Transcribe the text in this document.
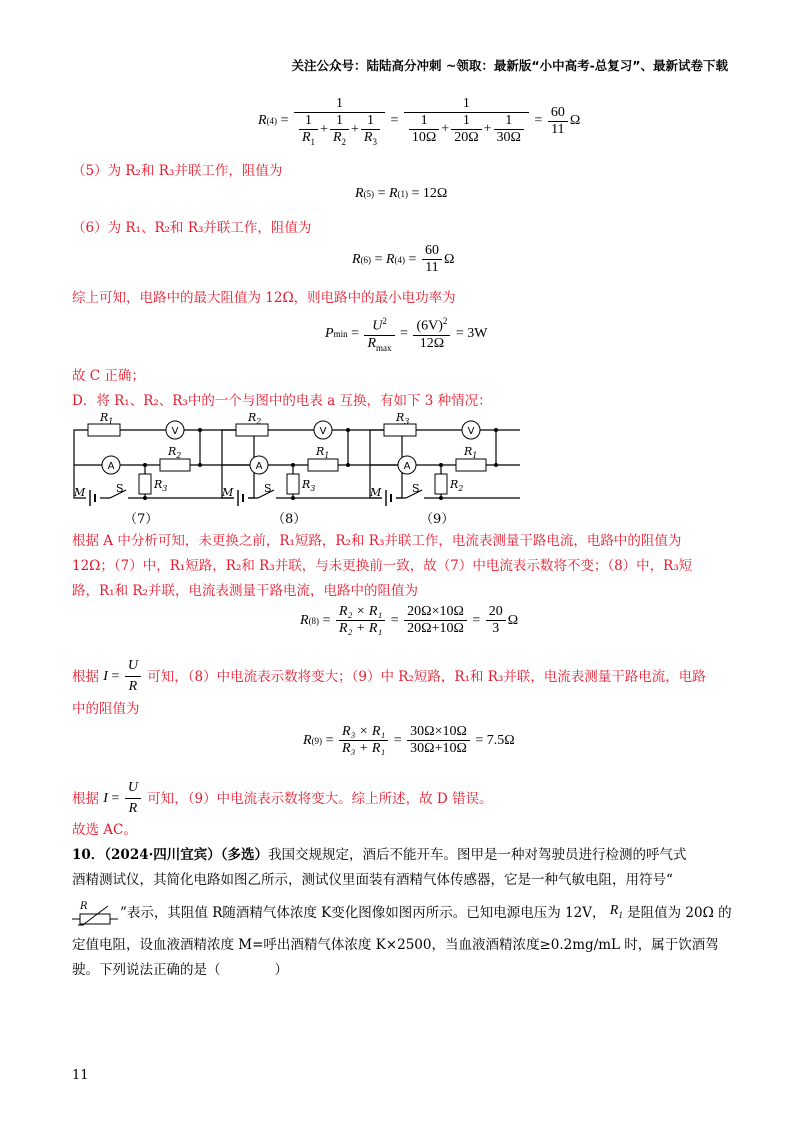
关注公众号：陆陆高分冲刺 ~领取：最新版“小中高考-总复习”、最新试卷下载
R $(4) = \frac{1}{\frac{1}{R_1} + \frac{1}{R_2} + \frac{1}{R_3}} = \frac{1}{\frac{1}{10\Omega} + \frac{1}{20\Omega} + \frac{1}{30\Omega}} = \frac{60}{11}$ Ω
（5）为 R₂和 R₃并联工作，阻值为
R (5) = R (1)
= 12Ω
（6）为 R₁、R₂和 R₃并联工作，阻值为
R (6) = R $(4) = \frac{60}{11}$ Ω
综上可知，电路中的最大阻值为 12Ω，则电路中的最小电功率为
P $\min = \frac{U^2}{R_{max}} = \frac{(6V)^2}{12\Omega}$
= 3W
故 C 正确；
D．将 R₁、R₂、R₃中的一个与图中的电表 a 互换，有如下 3 种情况：
$R_1$
$R_2$
$R_3$
$R_2$
$R_1$
$R_3$
$R_3$
$R_1$
$R_2$
（7）	（8）	（9）
根据 A 中分析可知，未更换之前，R₁短路，R₂和 R₃并联工作，电流表测量干路电流，电路中的阻值为
12Ω；（7）中，R₁短路，R₂和 R₃并联，与未更换前一致，故（7）中电流表示数将不变；（8）中，R₃短
路，R₁和 R₂并联，电流表测量干路电流，电路中的阻值为
R $(8) = \frac{\text{R₂ × R₁}}{\text{R₂ + R₁}} = \frac{20\Omega\times 10\Omega}{20\Omega+10\Omega} = \frac{20}{3}$ Ω
根据
$I = \frac{U}{R}$
可知，（8）中电流表示数将变大；（9）中 R₂短路，R₁和 R₃并联，电流表测量干路电流，电路
中的阻值为
R $(9) = \frac{\text{R₃ × R₁}}{\text{R₃ + R₁}} = \frac{30\Omega\times 10\Omega}{30\Omega+10\Omega}$
= 7.5Ω
根据
$I = \frac{U}{R}$
可知，（9）中电流表示数将变大。综上所述，故 D 错误。
故选 AC。
10．（2024·四川宜宾）（多选）我国交规规定，酒后不能开车。图甲是一种对驾驶员进行检测的呼气式
酒精测试仪，其简化电路如图乙所示，测试仪里面装有酒精气体传感器，它是一种气敏电阻，用符号“
R ”表示，其阻值 R随酒精气体浓度 K变化图像如图丙所示。已知电源电压为 12V，
$R_1$
是阻值为 20Ω 的
定值电阻，设血液酒精浓度 M=呼出酒精气体浓度 K×2500，当血液酒精浓度≥0.2mg/mL 时，属于饮酒驾
驶。下列说法正确的是（　　　　）
11
